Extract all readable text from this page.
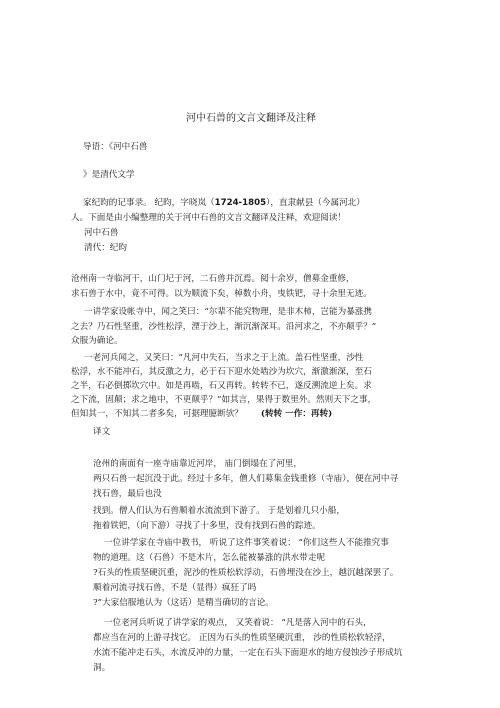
河中石兽的文言文翻译及注释
导语：《河中石兽
》是清代文学
家纪昀的记事录。 纪昀，字晓岚（1724-1805），直隶献县（今属河北）
人。下面是由小编整理的关于河中石兽的文言文翻译及注释，欢迎阅读！
河中石兽
清代：纪昀
沧州南一寺临河干，山门圮于河，二石兽并沉焉。阅十余岁，僧募金重修，
求石兽于水中，竟不可得。以为顺流下矣，棹数小舟，曳铁钯，寻十余里无迹。
一讲学家设帐寺中，闻之笑曰：“尔辈不能究物理，是非木柿，岂能为暴涨携
之去？乃石性坚重，沙性松浮，湮于沙上，渐沉渐深耳。沿河求之，不亦颠乎？”
众服为确论。
一老河兵闻之，又笑曰：“凡河中失石，当求之于上流。盖石性坚重，沙性
松浮，水不能冲石，其反激之力，必于石下迎水处啮沙为坎穴，渐激渐深，至石
之半，石必倒掷坎穴中。如是再啮，石又再转。转转不已，遂反溯流逆上矣。求
之下流，固颠；求之地中，不更颠乎？”如其言，果得于数里外。然则天下之事，
但知其一，不知其二者多矣，可据理臆断欤？ (转转 一作：再转)
译文
沧州的南面有一座寺庙靠近河岸， 庙门倒塌在了河里，
两只石兽一起沉没于此。经过十多年，僧人们募集金钱重修（寺庙），便在河中寻
找石兽，最后也没
找到。僧人们认为石兽顺着水流流到下游了。 于是划着几只小船，
拖着铁钯，（向下游）寻找了十多里，没有找到石兽的踪迹。
一位讲学家在寺庙中教书， 听说了这件事笑着说： “你们这些人不能推究事
物的道理。这（石兽）不是木片，怎么能被暴涨的洪水带走呢
?石头的性质坚硬沉重，泥沙的性质松软浮动，石兽埋没在沙上，越沉越深罢了。
顺着河流寻找石兽，不是（显得）疯狂了吗
?”大家信服地认为（这话）是精当确切的言论。
一位老河兵听说了讲学家的观点， 又笑着说： “凡是落入河中的石头，
都应当在河的上游寻找它。 正因为石头的性质坚硬沉重， 沙的性质松软轻浮，
水流不能冲走石头，水流反冲的力量，一定在石头下面迎水的地方侵蚀沙子形成坑
洞。
